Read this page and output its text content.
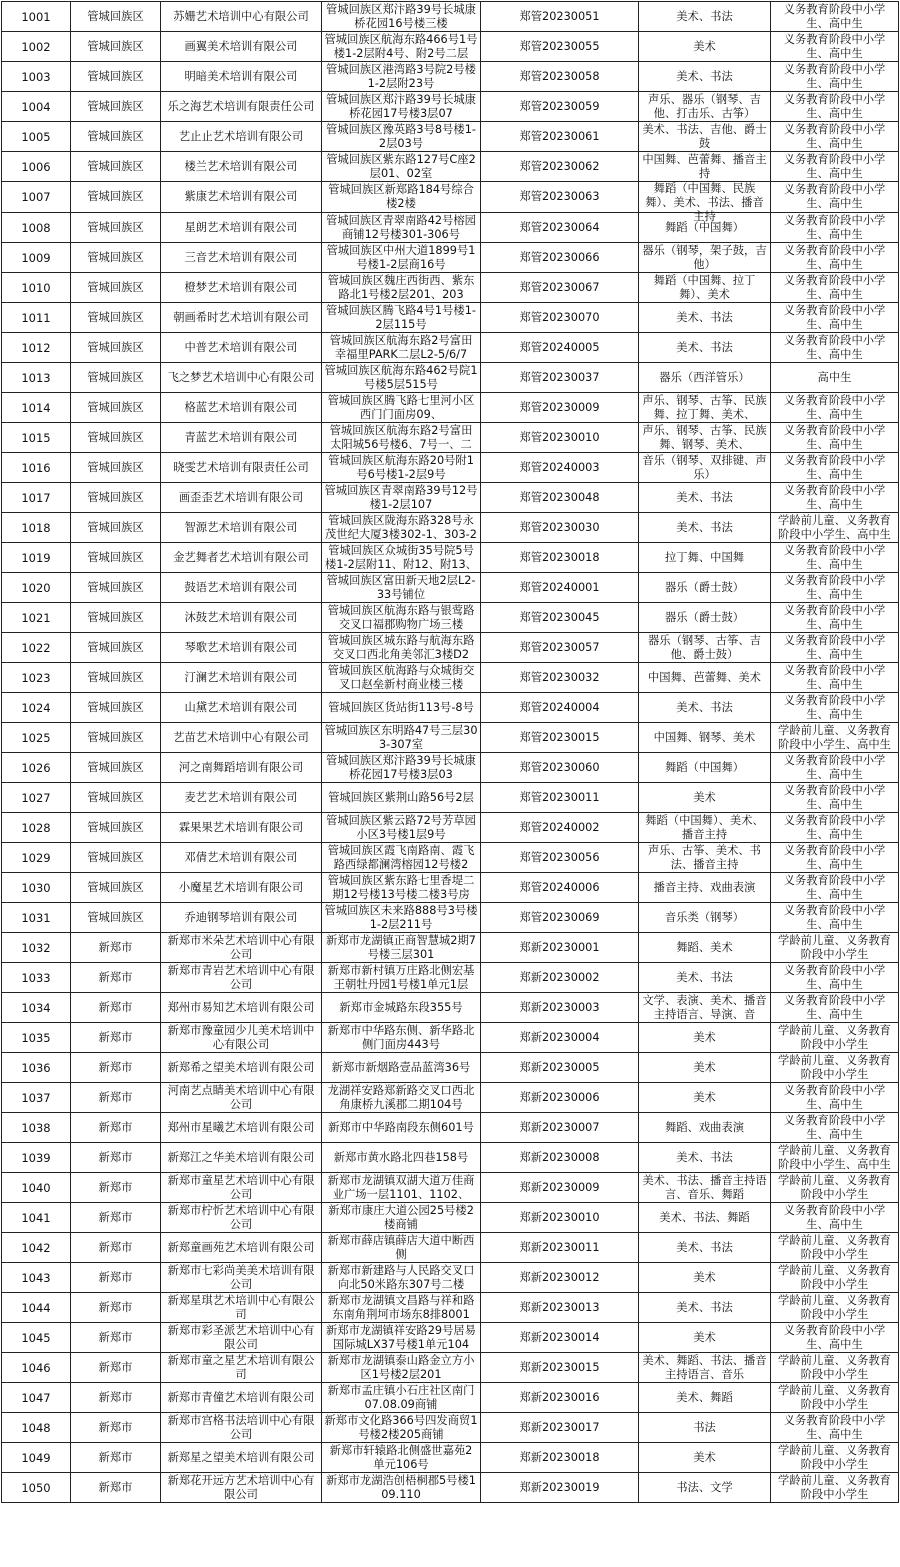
1001	管城回族区	苏姗艺术培训中心有限公司	管城回族区郑汴路39号长城康桥花园16号楼三楼	郑管20230051	美术、书法	义务教育阶段中小学生、高中生

1002	管城回族区	画翼美术培训有限公司	管城回族区航海东路466号1号楼1-2层附4号、附2号二层	郑管20230055	美术	义务教育阶段中小学生、高中生

1003	管城回族区	明暗美术培训有限公司	管城回族区港湾路3号院2号楼1-2层附23号	郑管20230058	美术、书法	义务教育阶段中小学生、高中生

1004	管城回族区	乐之海艺术培训有限责任公司	管城回族区郑汴路39号长城康桥花园17号楼3层07	郑管20230059	声乐、器乐（钢琴、吉他、打击乐、古筝）	义务教育阶段中小学生、高中生

1005	管城回族区	艺止止艺术培训有限公司	管城回族区豫英路3号8号楼1-2层03号	郑管20230061	美术、书法、吉他、爵士鼓	义务教育阶段中小学生、高中生

1006	管城回族区	楼兰艺术培训有限公司	管城回族区紫东路127号C座2层01、02室	郑管20230062	中国舞、芭蕾舞、播音主持	义务教育阶段中小学生、高中生

1007	管城回族区	紫康艺术培训有限公司	管城回族区新郑路184号综合楼2楼	郑管20230063	舞蹈（中国舞、民族舞）、美术、书法、播音主持	义务教育阶段中小学生、高中生

1008	管城回族区	星朗艺术培训有限公司	管城回族区青翠南路42号榕园商铺12号楼301-306号	郑管20230064	舞蹈（中国舞）	义务教育阶段中小学生、高中生

1009	管城回族区	三音艺术培训有限公司	管城回族区中州大道1899号1号楼1-2层商16号	郑管20230066	器乐（钢琴，架子鼓，吉他）	义务教育阶段中小学生、高中生

1010	管城回族区	橙梦艺术培训有限公司	管城回族区魏庄西街西、紫东路北1号楼2层201、203	郑管20230067	舞蹈（中国舞、拉丁舞）、美术	义务教育阶段中小学生、高中生

1011	管城回族区	朝画希时艺术培训有限公司	管城回族区腾飞路4号1号楼1-2层115号	郑管20230070	美术、书法	义务教育阶段中小学生、高中生

1012	管城回族区	中普艺术培训有限公司	管城回族区航海东路2号富田幸福里PARK二层L2-5/6/7	郑管20240005	美术、书法	义务教育阶段中小学生、高中生

1013	管城回族区	飞之梦艺术培训中心有限公司	管城回族区航海东路462号院1号楼5层515号	郑管20230037	器乐（西洋管乐）	高中生

1014	管城回族区	格蓝艺术培训有限公司	管城回族区腾飞路七里河小区西门门面房09、	郑管20230009	声乐、钢琴、古筝、民族舞、拉丁舞、美术、	义务教育阶段中小学生、高中生

1015	管城回族区	青蓝艺术培训有限公司	管城回族区航海东路2号富田太阳城56号楼6、7号一、二	郑管20230010	声乐、钢琴、古筝、民族舞、钢琴、美术、	义务教育阶段中小学生、高中生

1016	管城回族区	晓雯艺术培训有限责任公司	管城回族区航海东路20号附1号6号楼1-2层9号	郑管20240003	音乐（钢琴、双排键、声乐）	义务教育阶段中小学生、高中生

1017	管城回族区	画歪歪艺术培训有限公司	管城回族区青翠南路39号12号楼1-2层107	郑管20230048	美术、书法	义务教育阶段中小学生、高中生

1018	管城回族区	智源艺术培训有限公司	管城回族区陇海东路328号永茂世纪大厦3楼302-1、303-2	郑管20230030	美术、书法	学龄前儿童、义务教育阶段中小学生、高中生

1019	管城回族区	金艺舞者艺术培训有限公司	管城回族区众城街35号院5号楼1-2层附11、附12、附13、	郑管20230018	拉丁舞、中国舞	义务教育阶段中小学生、高中生

1020	管城回族区	鼓语艺术培训有限公司	管城回族区富田新天地2层L2-33号铺位	郑管20240001	器乐（爵士鼓）	义务教育阶段中小学生、高中生

1021	管城回族区	沐鼓艺术培训有限公司	管城回族区航海东路与银莺路交叉口福郡购物广场三楼	郑管20230045	器乐（爵士鼓）	义务教育阶段中小学生、高中生

1022	管城回族区	琴歌艺术培训有限公司	管城回族区城东路与航海东路交叉口西北角美邻汇3楼D2	郑管20230057	器乐（钢琴、古筝、吉他、爵士鼓）	义务教育阶段中小学生、高中生

1023	管城回族区	汀澜艺术培训有限公司	管城回族区航海路与众城街交叉口赵垒新村商业楼三楼	郑管20230032	中国舞、芭蕾舞、美术	义务教育阶段中小学生、高中生

1024	管城回族区	山黛艺术培训有限公司	管城回族区货站街113号-8号	郑管20240004	美术、书法	义务教育阶段中小学生、高中生

1025	管城回族区	艺苗艺术培训中心有限公司	管城回族区东明路47号三层303-307室	郑管20230015	中国舞、钢琴、美术	学龄前儿童、义务教育阶段中小学生、高中生

1026	管城回族区	河之南舞蹈培训有限公司	管城回族区郑汴路39号长城康桥花园17号楼3层03	郑管20230060	舞蹈（中国舞）	义务教育阶段中小学生、高中生

1027	管城回族区	麦艺艺术培训有限公司	管城回族区紫荆山路56号2层	郑管20230011	美术	义务教育阶段中小学生、高中生

1028	管城回族区	霖果果艺术培训有限公司	管城回族区紫云路72号芳草园小区3号楼1层9号	郑管20240002	舞蹈（中国舞）、美术、播音主持	义务教育阶段中小学生、高中生

1029	管城回族区	邓倩艺术培训有限公司	管城回族区霞飞南路南、霞飞路西绿都澜湾榕园12号楼2	郑管20230056	声乐、古筝、美术、书法、播音主持	义务教育阶段中小学生、高中生

1030	管城回族区	小魔星艺术培训有限公司	管城回族区紫东路七里香堤二期12号楼13号楼二楼3号房	郑管20240006	播音主持、戏曲表演	义务教育阶段中小学生、高中生

1031	管城回族区	乔迪钢琴培训有限公司	管城回族区未来路888号3号楼1-2层211号	郑管20230069	音乐类（钢琴）	义务教育阶段中小学生、高中生

1032	新郑市	新郑市米朵艺术培训中心有限公司	新郑市龙湖镇正商智慧城2期7号楼三层301	郑新20230001	舞蹈、美术	学龄前儿童、义务教育阶段中小学生

1033	新郑市	新郑市青岩艺术培训中心有限公司	新郑市新村镇万庄路北侧宏基王朝牡丹园1号楼1单元1层	郑新20230002	美术、书法	义务教育阶段中小学生、高中生

1034	新郑市	郑州市易知艺术培训有限公司	新郑市金城路东段355号	郑新20230003	文学、表演、美术、播音主持语言、导演、音	义务教育阶段中小学生、高中生

1035	新郑市	新郑市豫童园少儿美术培训中心有限公司	新郑市中华路东侧、新华路北侧门面房443号	郑新20230004	美术	学龄前儿童、义务教育阶段中小学生

1036	新郑市	新郑希之望美术培训有限公司	新郑市新烟路壹品蓝湾36号	郑新20230005	美术	学龄前儿童、义务教育阶段中小学生

1037	新郑市	河南艺点睛美术培训中心有限公司	龙湖祥安路郑新路交叉口西北角康桥九溪郡二期104号	郑新20230006	美术	义务教育阶段中小学生、高中生

1038	新郑市	郑州市星曦艺术培训有限公司	新郑市中华路南段东侧601号	郑新20230007	舞蹈、戏曲表演	义务教育阶段中小学生、高中生

1039	新郑市	新郑江之华美术培训有限公司	新郑市黄水路北四巷158号	郑新20230008	美术、书法	学龄前儿童、义务教育阶段中小学生、高中生

1040	新郑市	新郑市童星艺术培训中心有限公司	新郑市龙湖镇双湖大道万佳商业广场一层1101、1102、	郑新20230009	美术、书法、播音主持语言、音乐、舞蹈	学龄前儿童、义务教育阶段中小学生

1041	新郑市	新郑市柠忻艺术培训中心有限公司	新郑市康庄大道公园25号楼2楼商铺	郑新20230010	美术、书法、舞蹈	义务教育阶段中小学生、高中生

1042	新郑市	新郑童画苑艺术培训有限公司	新郑市薛店镇薛店大道中断西侧	郑新20230011	美术、书法	学龄前儿童、义务教育阶段中小学生

1043	新郑市	新郑市七彩尚美美术培训有限公司	新郑市新建路与人民路交叉口向北50米路东307号二楼	郑新20230012	美术	学龄前儿童、义务教育阶段中小学生

1044	新郑市	新郑星琪艺术培训中心有限公司	新郑市龙湖镇文昌路与祥和路东南角荆坷市场东8排8001	郑新20230013	美术、书法	学龄前儿童、义务教育阶段中小学生

1045	新郑市	新郑市彩圣派艺术培训中心有限公司	新郑市龙湖镇祥安路29号居易国际城LX37号楼1单元104	郑新20230014	美术	义务教育阶段中小学生、高中生

1046	新郑市	新郑市童之星艺术培训有限公司	新郑市龙湖镇泰山路金立方小区1号楼2层201	郑新20230015	美术、舞蹈、书法、播音主持语言、音乐	学龄前儿童、义务教育阶段中小学生

1047	新郑市	新郑市青僮艺术培训有限公司	新郑市孟庄镇小石庄社区南门07.08.09商铺	郑新20230016	美术、舞蹈	学龄前儿童、义务教育阶段中小学生

1048	新郑市	新郑市宫格书法培训中心有限公司	新郑市文化路366号四发商贸1号楼2楼205商铺	郑新20230017	书法	义务教育阶段中小学生、高中生

1049	新郑市	新郑星之望美术培训有限公司	新郑市轩辕路北侧盛世嘉苑2单元106号	郑新20230018	美术	学龄前儿童、义务教育阶段中小学生

1050	新郑市	新郑花开远方艺术培训中心有限公司	新郑市龙湖浩创梧桐郡5号楼109.110	郑新20230019	书法、文学	学龄前儿童、义务教育阶段中小学生
